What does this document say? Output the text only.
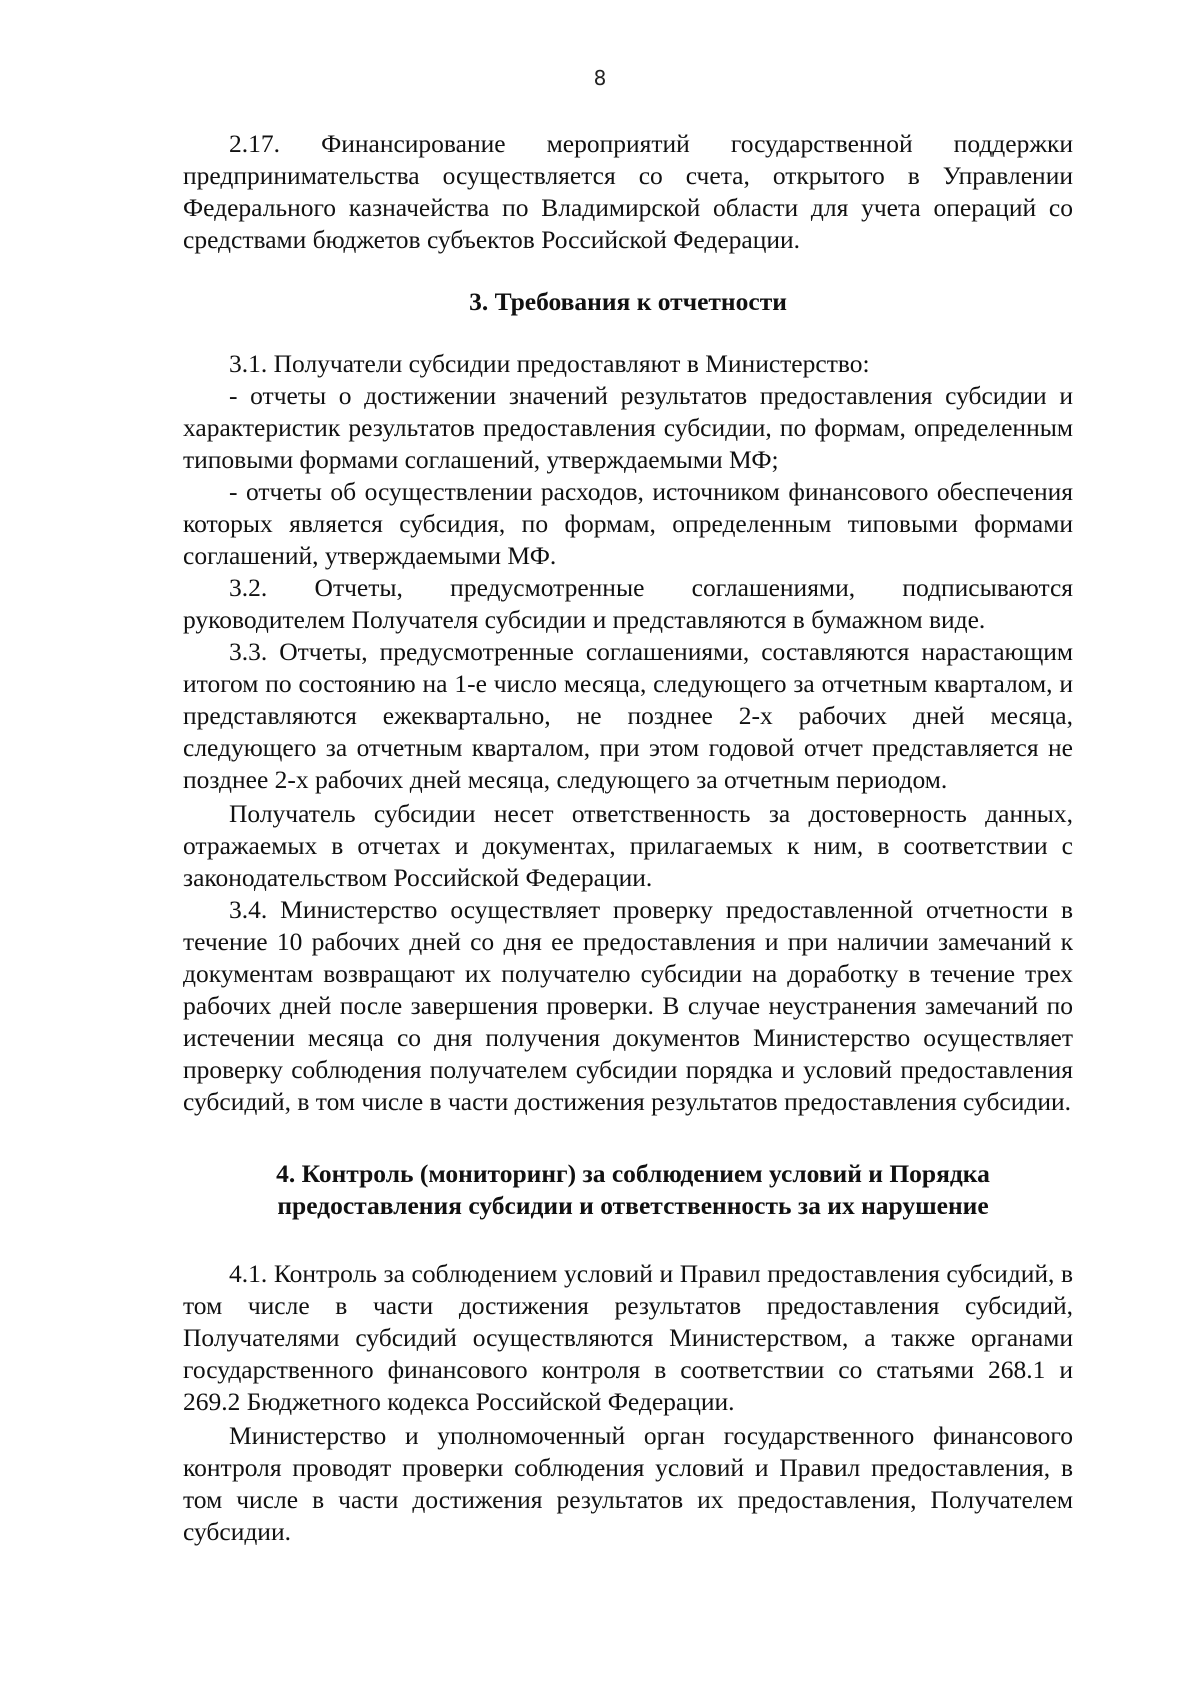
8

2.17. Финансирование мероприятий государственной поддержки предпринимательства осуществляется со счета, открытого в Управлении Федерального казначейства по Владимирской области для учета операций со средствами бюджетов субъектов Российской Федерации.

3. Требования к отчетности

3.1. Получатели субсидии предоставляют в Министерство:

- отчеты о достижении значений результатов предоставления субсидии и характеристик результатов предоставления субсидии, по формам, определенным типовыми формами соглашений, утверждаемыми МФ;

- отчеты об осуществлении расходов, источником финансового обеспечения которых является субсидия, по формам, определенным типовыми формами соглашений, утверждаемыми МФ.

3.2. Отчеты, предусмотренные соглашениями, подписываются руководителем Получателя субсидии и представляются в бумажном виде.

3.3. Отчеты, предусмотренные соглашениями, составляются нарастающим итогом по состоянию на 1-е число месяца, следующего за отчетным кварталом, и представляются ежеквартально, не позднее 2-х рабочих дней месяца, следующего за отчетным кварталом, при этом годовой отчет представляется не позднее 2-х рабочих дней месяца, следующего за отчетным периодом.

Получатель субсидии несет ответственность за достоверность данных, отражаемых в отчетах и документах, прилагаемых к ним, в соответствии с законодательством Российской Федерации.

3.4. Министерство осуществляет проверку предоставленной отчетности в течение 10 рабочих дней со дня ее предоставления и при наличии замечаний к документам возвращают их получателю субсидии на доработку в течение трех рабочих дней после завершения проверки. В случае неустранения замечаний по истечении месяца со дня получения документов Министерство осуществляет проверку соблюдения получателем субсидии порядка и условий предоставления субсидий, в том числе в части достижения результатов предоставления субсидии.

4. Контроль (мониторинг) за соблюдением условий и Порядка
предоставления субсидии и ответственность за их нарушение

4.1. Контроль за соблюдением условий и Правил предоставления субсидий, в том числе в части достижения результатов предоставления субсидий, Получателями субсидий осуществляются Министерством, а также органами государственного финансового контроля в соответствии со статьями 268.1 и 269.2 Бюджетного кодекса Российской Федерации.

Министерство и уполномоченный орган государственного финансового контроля проводят проверки соблюдения условий и Правил предоставления, в том числе в части достижения результатов их предоставления, Получателем субсидии.
